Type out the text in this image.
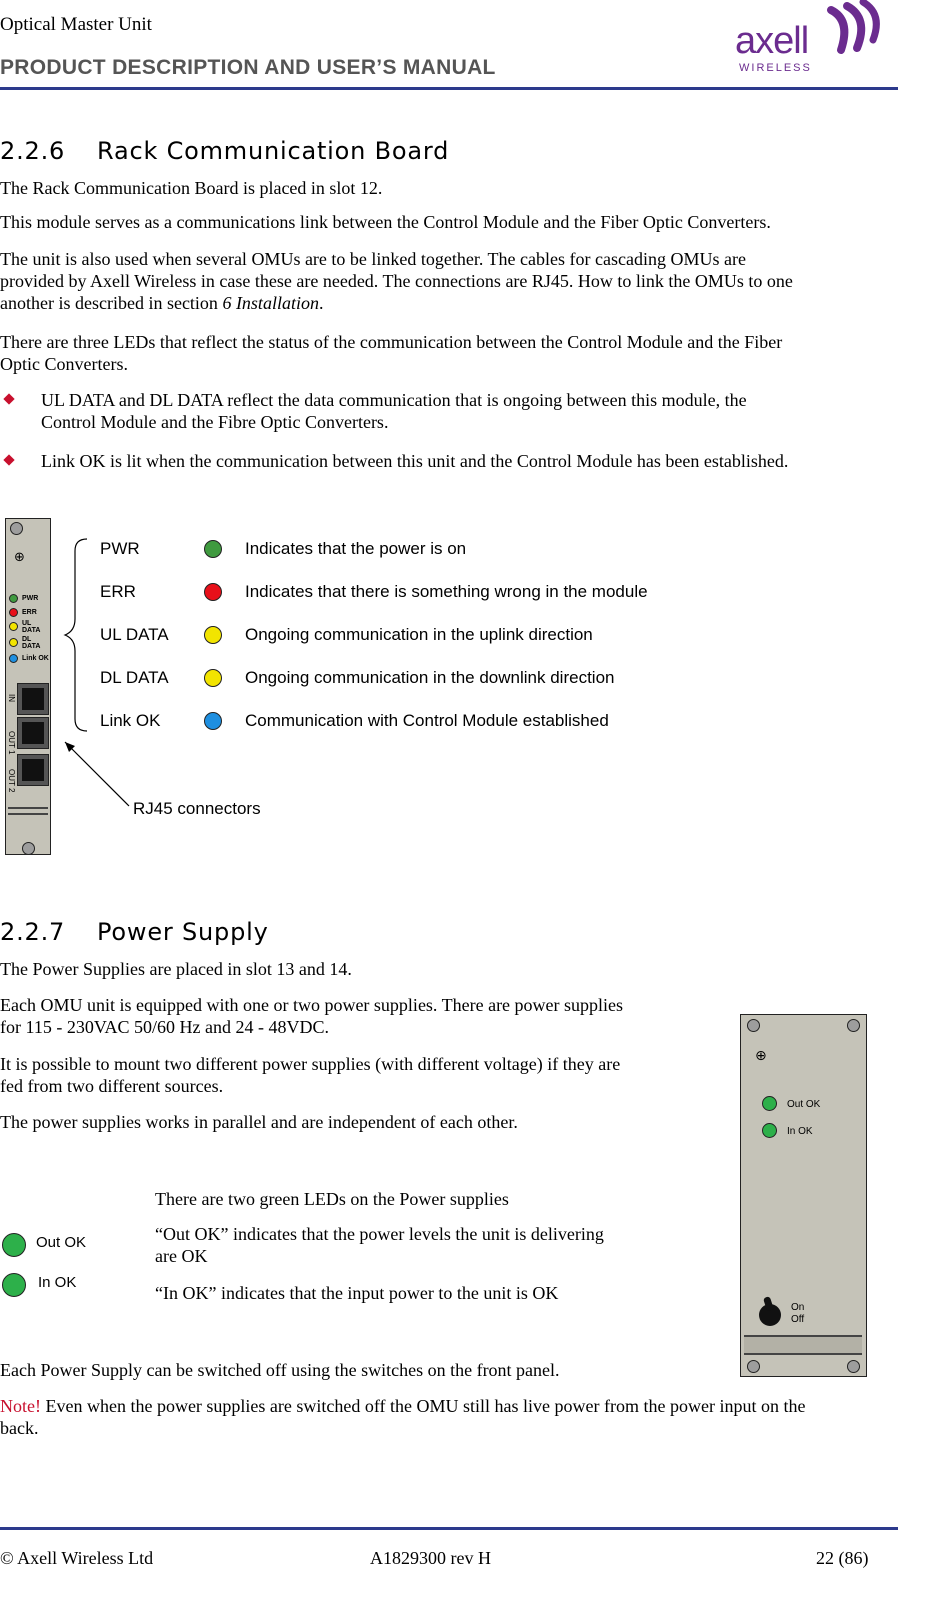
Optical Master Unit
PRODUCT DESCRIPTION AND USER’S MANUAL
axell
WIRELESS
2.2.6 Rack Communication Board
The Rack Communication Board is placed in slot 12.
This module serves as a communications link between the Control Module and the Fiber Optic Converters.
The unit is also used when several OMUs are to be linked together. The cables for cascading OMUs are
provided by Axell Wireless in case these are needed. The connections are RJ45. How to link the OMUs to one
another is described in section 6 Installation.
There are three LEDs that reflect the status of the communication between the Control Module and the Fiber
Optic Converters.
UL DATA and DL DATA reflect the data communication that is ongoing between this module, the
Control Module and the Fibre Optic Converters.
Link OK is lit when the communication between this unit and the Control Module has been established.
⊕
PWR
ERR
UL
DATA
DL
DATA
Link OK
IN
OUT 1
OUT 2
PWR	Indicates that the power is on
ERR	Indicates that there is something wrong in the module
UL DATA	Ongoing communication in the uplink direction
DL DATA	Ongoing communication in the downlink direction
Link OK	Communication with Control Module established
RJ45 connectors
2.2.7 Power Supply
The Power Supplies are placed in slot 13 and 14.
Each OMU unit is equipped with one or two power supplies. There are power supplies
for 115 - 230VAC 50/60 Hz and 24 - 48VDC.
It is possible to mount two different power supplies (with different voltage) if they are
fed from two different sources.
The power supplies works in parallel and are independent of each other.
There are two green LEDs on the Power supplies
“Out OK” indicates that the power levels the unit is delivering
are OK
“In OK” indicates that the input power to the unit is OK
Out OK
In OK
Each Power Supply can be switched off using the switches on the front panel.
Note! Even when the power supplies are switched off the OMU still has live power from the power input on the
back.
⊕
Out OK
In OK
On
Off
© Axell Wireless Ltd	A1829300 rev H	22 (86)
